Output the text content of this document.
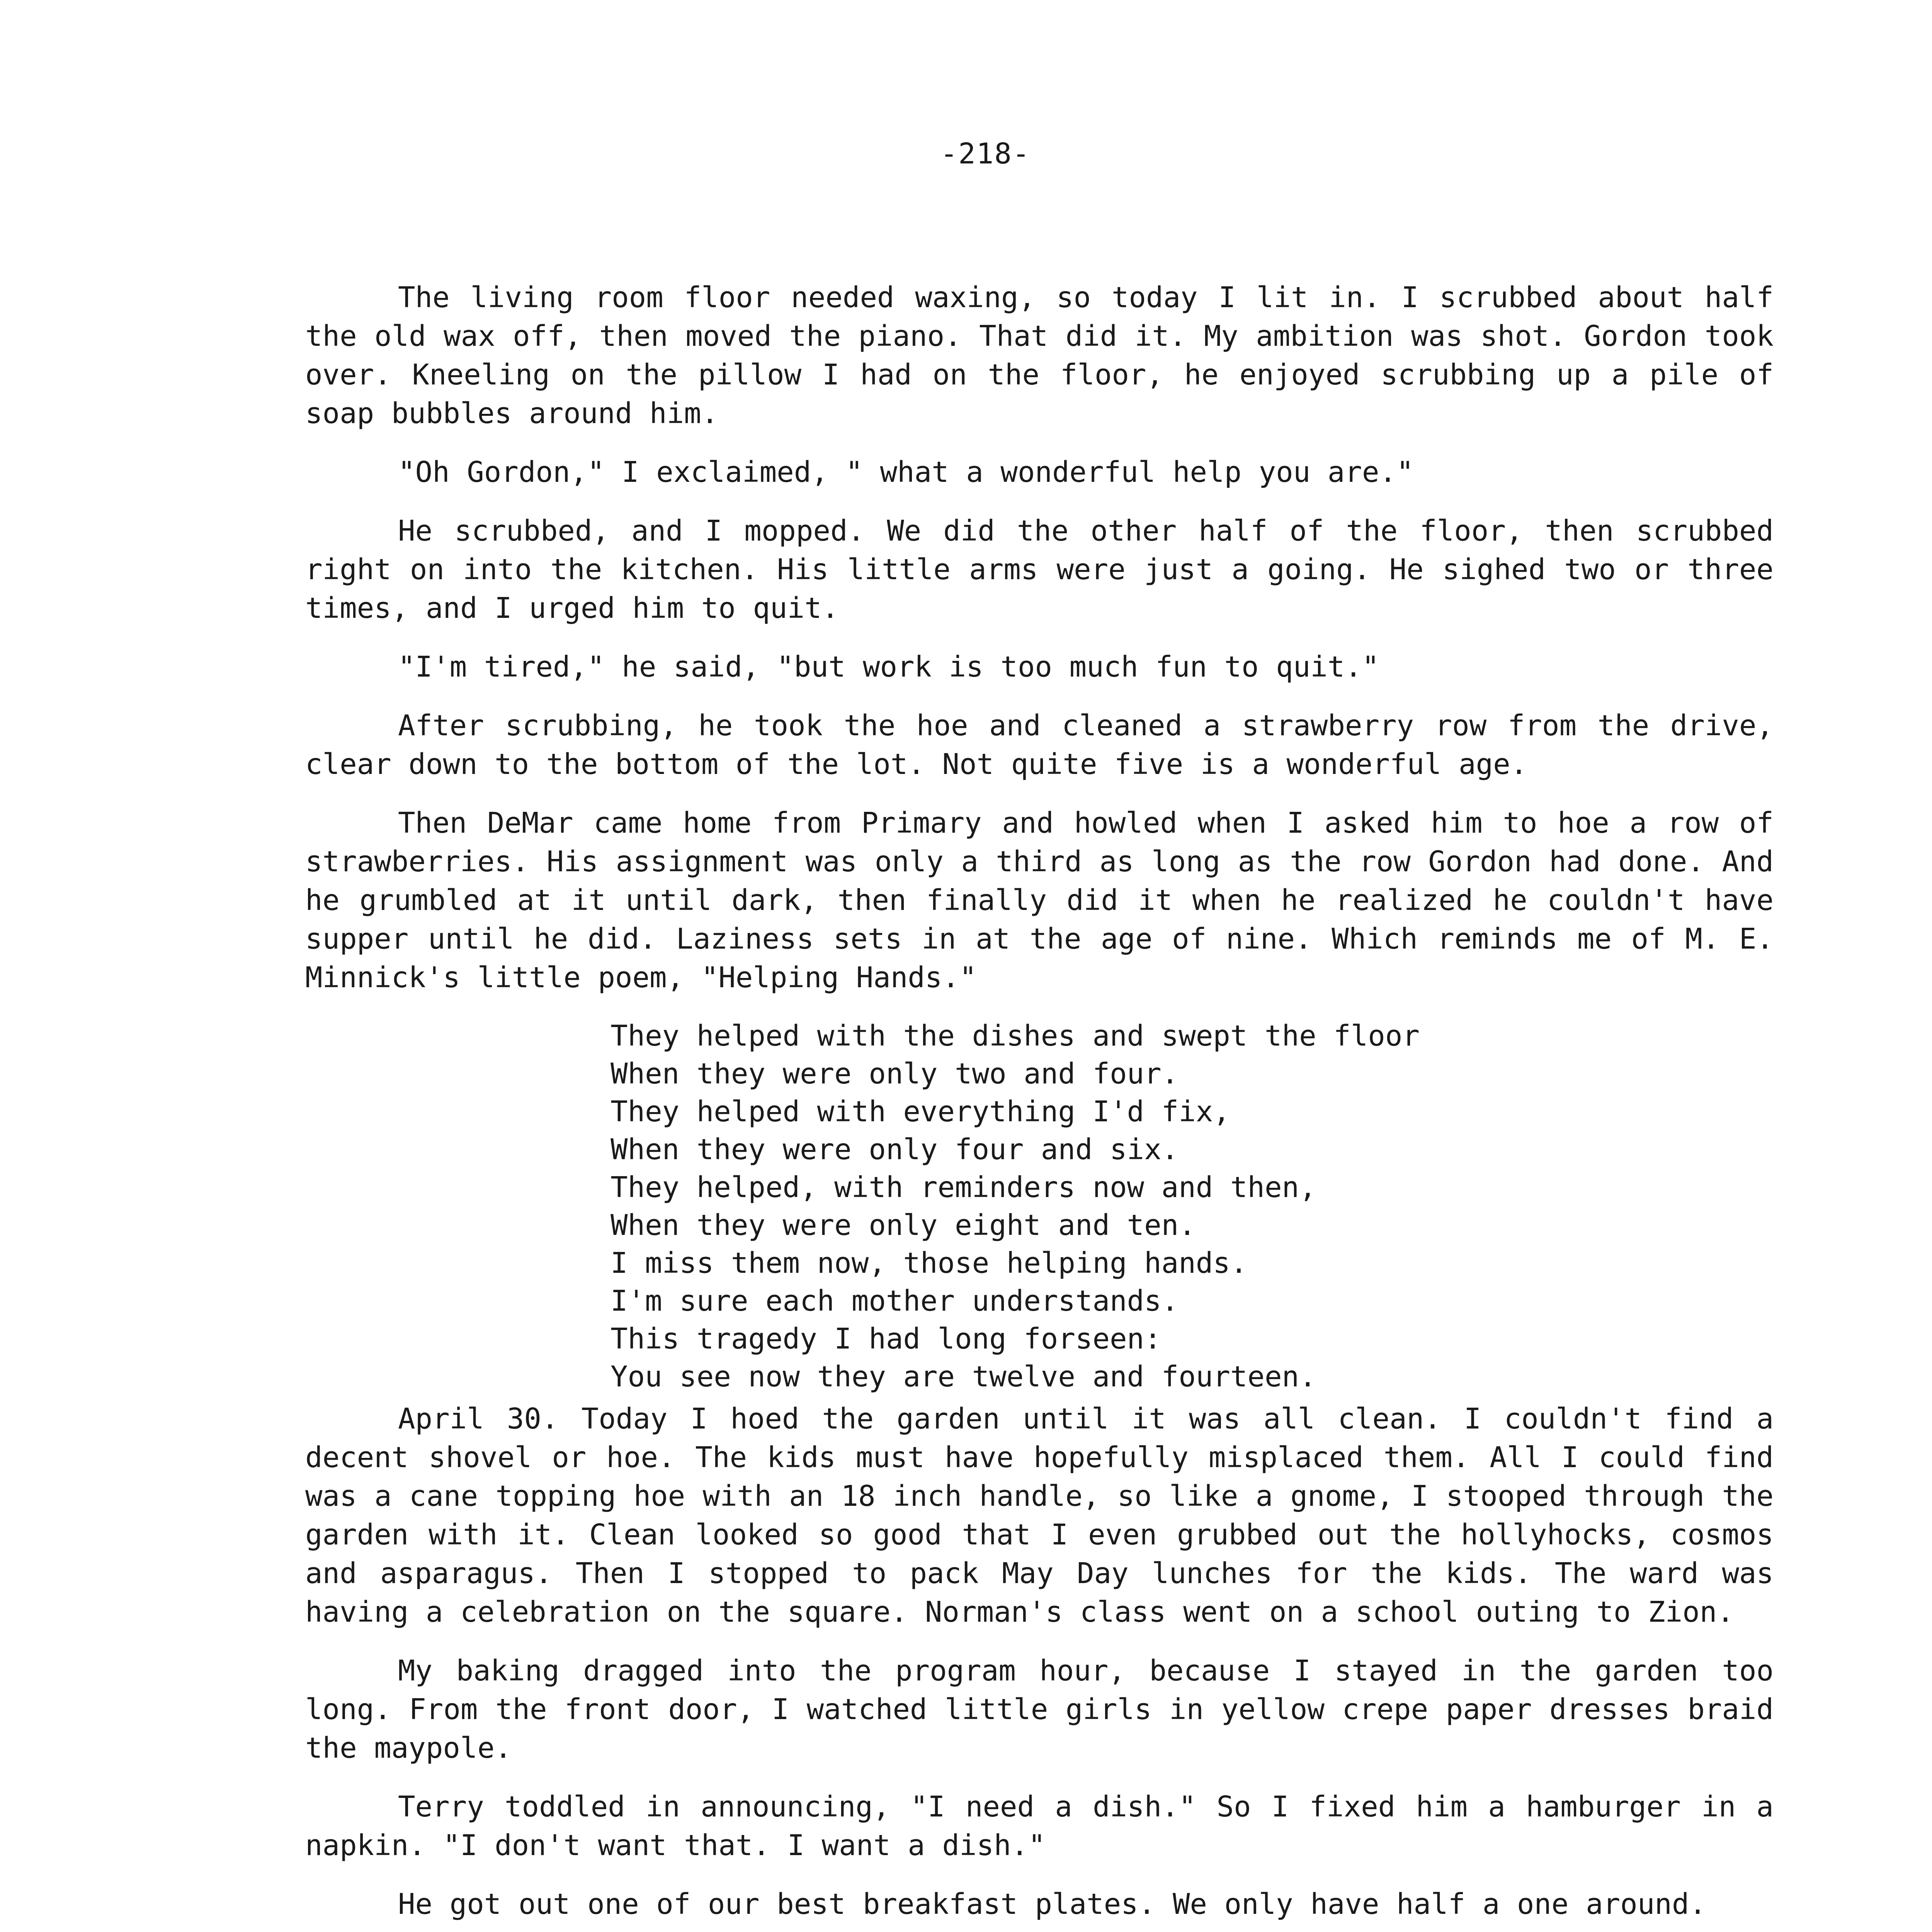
-218-

The living room floor needed waxing, so today I lit in. I scrubbed about half the old wax off, then moved the piano. That did it. My ambition was shot. Gordon took over. Kneeling on the pillow I had on the floor, he enjoyed scrubbing up a pile of soap bubbles around him.

"Oh Gordon," I exclaimed, " what a wonderful help you are."

He scrubbed, and I mopped. We did the other half of the floor, then scrubbed right on into the kitchen. His little arms were just a going. He sighed two or three times, and I urged him to quit.

"I'm tired," he said, "but work is too much fun to quit."

After scrubbing, he took the hoe and cleaned a strawberry row from the drive, clear down to the bottom of the lot. Not quite five is a wonderful age.

Then DeMar came home from Primary and howled when I asked him to hoe a row of strawberries. His assignment was only a third as long as the row Gordon had done. And he grumbled at it until dark, then finally did it when he realized he couldn't have supper until he did. Laziness sets in at the age of nine. Which reminds me of M. E. Minnick's little poem, "Helping Hands."

They helped with the dishes and swept the floor
When they were only two and four.
They helped with everything I'd fix,
When they were only four and six.
They helped, with reminders now and then,
When they were only eight and ten.
I miss them now, those helping hands.
I'm sure each mother understands.
This tragedy I had long forseen:
You see now they are twelve and fourteen.

April 30. Today I hoed the garden until it was all clean. I couldn't find a decent shovel or hoe. The kids must have hopefully misplaced them. All I could find was a cane topping hoe with an 18 inch handle, so like a gnome, I stooped through the garden with it. Clean looked so good that I even grubbed out the hollyhocks, cosmos and asparagus. Then I stopped to pack May Day lunches for the kids. The ward was having a celebration on the square. Norman's class went on a school outing to Zion.

My baking dragged into the program hour, because I stayed in the garden too long. From the front door, I watched little girls in yellow crepe paper dresses braid the maypole.

Terry toddled in announcing, "I need a dish." So I fixed him a hamburger in a napkin. "I don't want that. I want a dish."

He got out one of our best breakfast plates. We only have half a one around.
